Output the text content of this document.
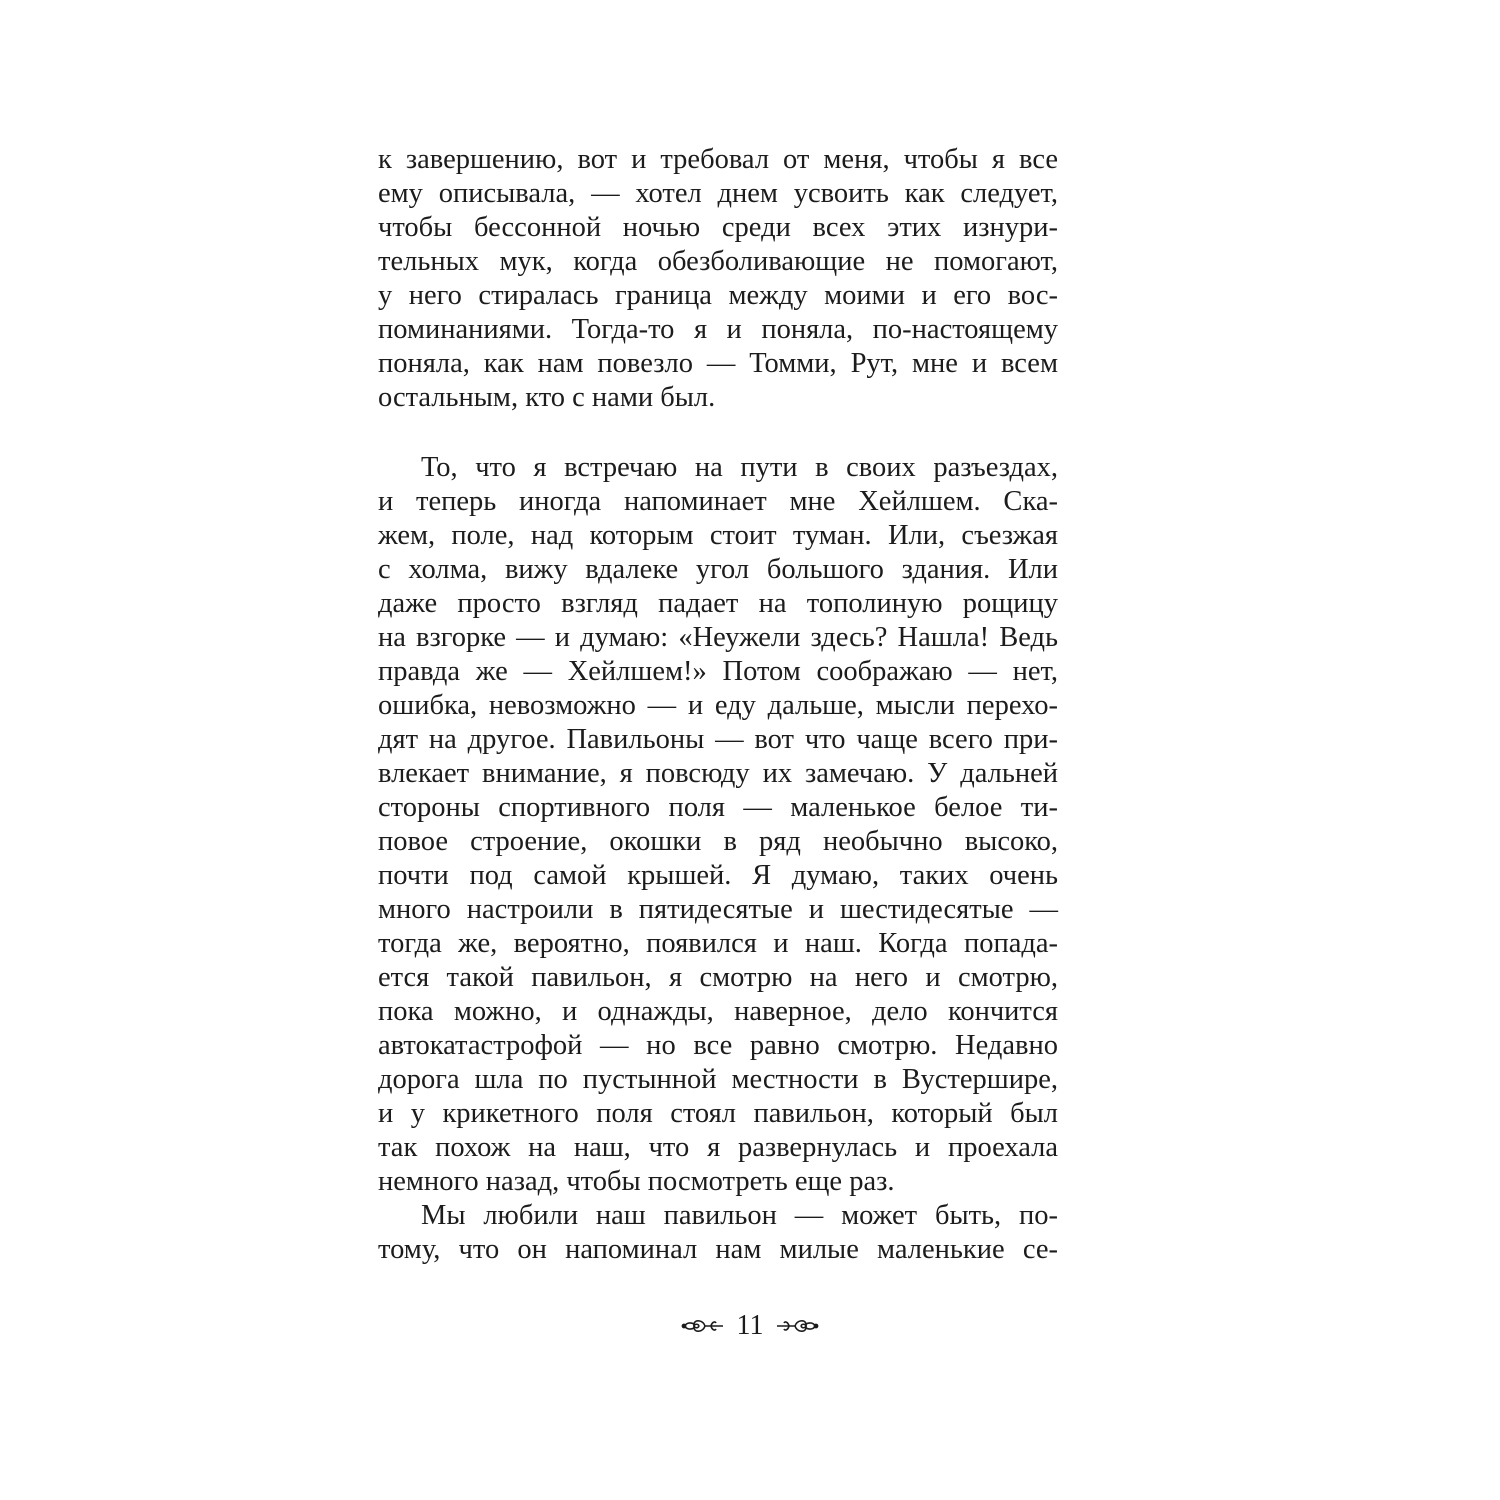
к завершению, вот и требовал от меня, чтобы я все
ему описывала, — хотел днем усвоить как следует,
чтобы бессонной ночью среди всех этих изнури-
тельных мук, когда обезболивающие не помогают,
у него стиралась граница между моими и его вос-
поминаниями. Тогда-то я и поняла, по-настоящему
поняла, как нам повезло — Томми, Рут, мне и всем
остальным, кто с нами был.
То, что я встречаю на пути в своих разъездах,
и теперь иногда напоминает мне Хейлшем. Ска-
жем, поле, над которым стоит туман. Или, съезжая
с холма, вижу вдалеке угол большого здания. Или
даже просто взгляд падает на тополиную рощицу
на взгорке — и думаю: «Неужели здесь? Нашла! Ведь
правда же — Хейлшем!» Потом соображаю — нет,
ошибка, невозможно — и еду дальше, мысли перехо-
дят на другое. Павильоны — вот что чаще всего при-
влекает внимание, я повсюду их замечаю. У дальней
стороны спортивного поля — маленькое белое ти-
повое строение, окошки в ряд необычно высоко,
почти под самой крышей. Я думаю, таких очень
много настроили в пятидесятые и шестидесятые —
тогда же, вероятно, появился и наш. Когда попада-
ется такой павильон, я смотрю на него и смотрю,
пока можно, и однажды, наверное, дело кончится
автокатастрофой — но все равно смотрю. Недавно
дорога шла по пустынной местности в Вустершире,
и у крикетного поля стоял павильон, который был
так похож на наш, что я развернулась и проехала
немного назад, чтобы посмотреть еще раз.
Мы любили наш павильон — может быть, по-
тому, что он напоминал нам милые маленькие се-
11
